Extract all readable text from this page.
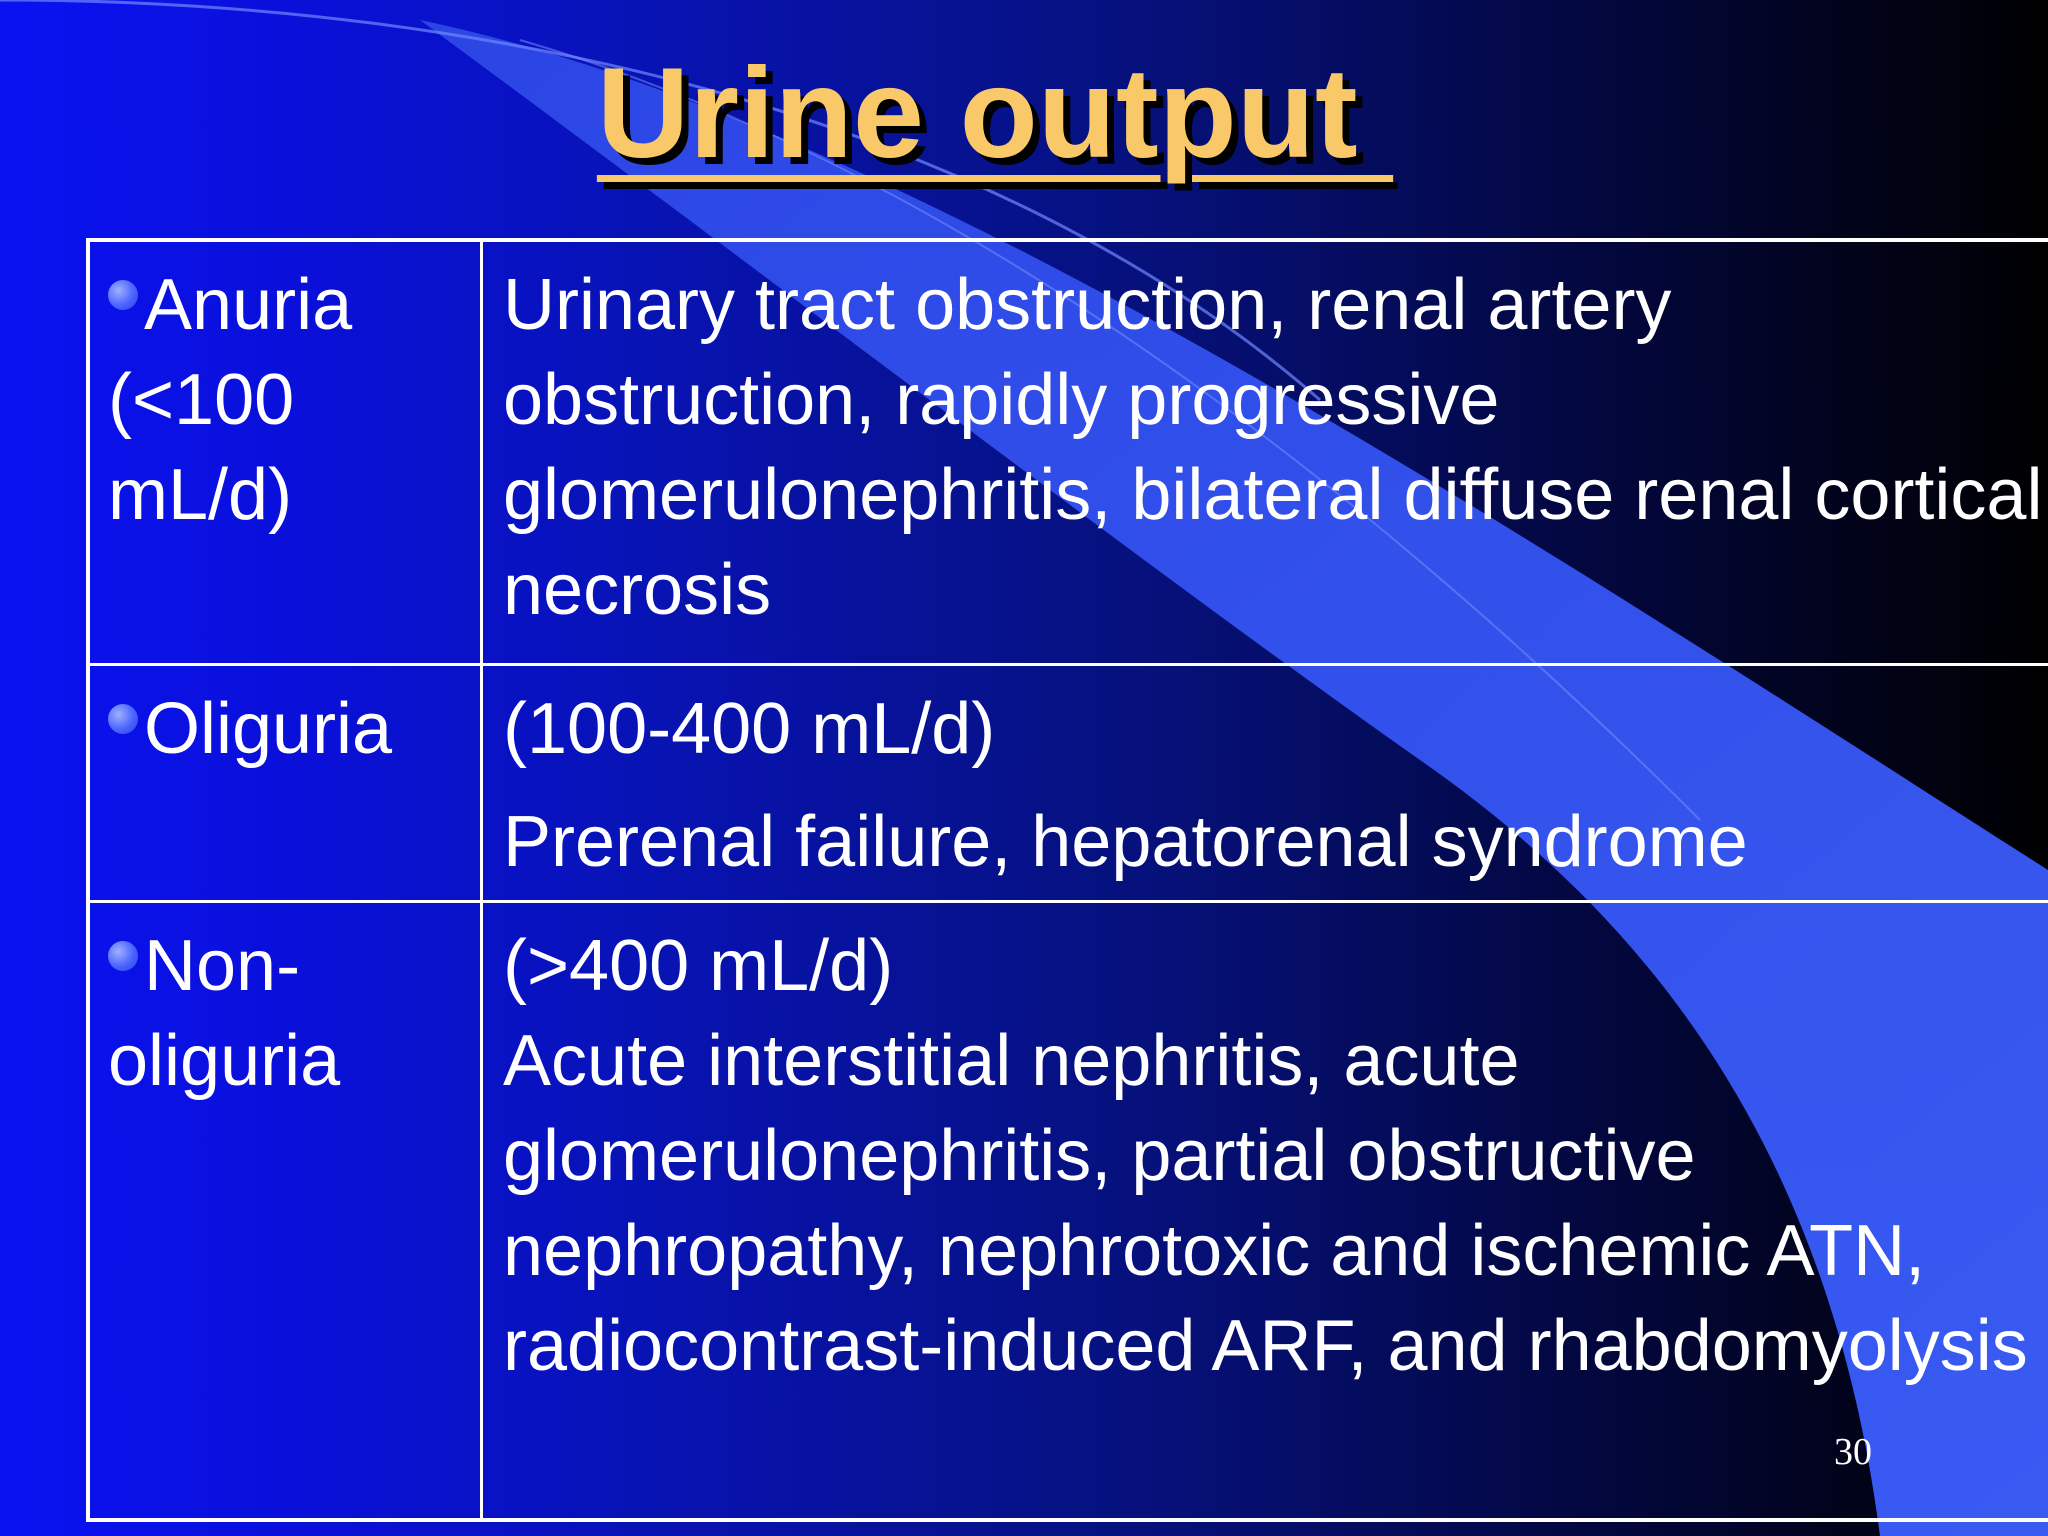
Urine output
Anuria (<100 mL/d)	Urinary tract obstruction, renal artery obstruction, rapidly progressive glomerulonephritis, bilateral diffuse renal cortical necrosis

Oliguria	(100-400 mL/d)
Prerenal failure, hepatorenal syndrome

Non-oliguria	(>400 mL/d)
Acute interstitial nephritis, acute glomerulonephritis, partial obstructive nephropathy, nephrotoxic and ischemic ATN, radiocontrast-induced ARF, and rhabdomyolysis
30
